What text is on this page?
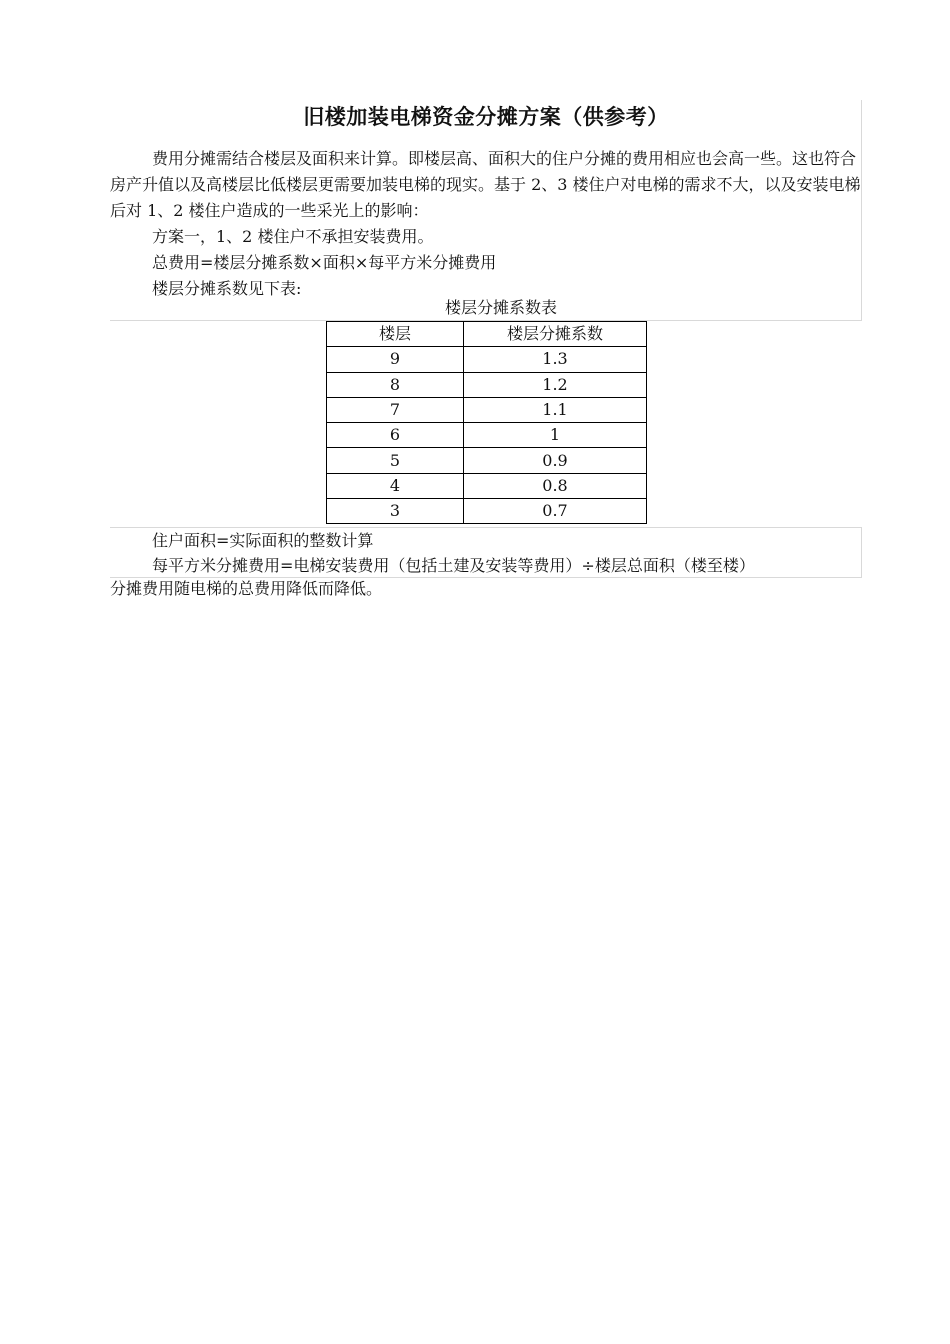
旧楼加装电梯资金分摊方案（供参考）

费用分摊需结合楼层及面积来计算。即楼层高、面积大的住户分摊的费用相应也会高一些。这也符合房产升值以及高楼层比低楼层更需要加装电梯的现实。基于 2、3 楼住户对电梯的需求不大，以及安装电梯后对 1、2 楼住户造成的一些采光上的影响：

方案一，1、2 楼住户不承担安装费用。

总费用=楼层分摊系数×面积×每平方米分摊费用

楼层分摊系数见下表:

楼层分摊系数表
楼层	楼层分摊系数
9	1.3
8	1.2
7	1.1
6	1
5	0.9
4	0.8
3	0.7

住户面积=实际面积的整数计算

每平方米分摊费用=电梯安装费用（包括土建及安装等费用）÷楼层总面积（楼至楼）

分摊费用随电梯的总费用降低而降低。
